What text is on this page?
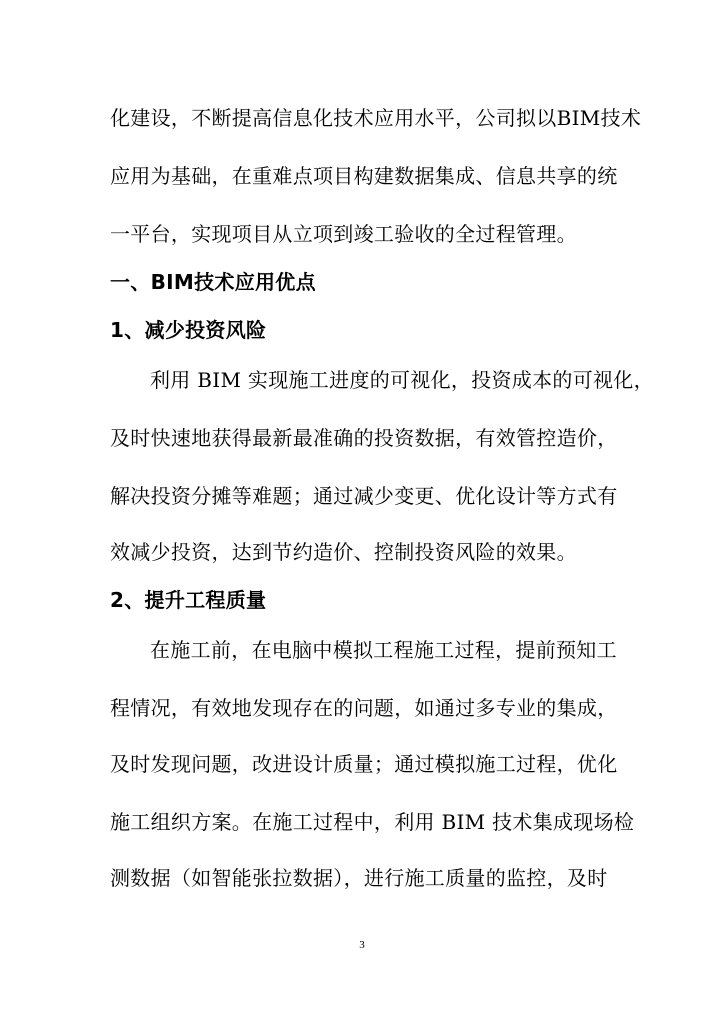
化建设，不断提高信息化技术应用水平，公司拟以BIM技术
应用为基础，在重难点项目构建数据集成、信息共享的统
一平台，实现项目从立项到竣工验收的全过程管理。
一、BIM技术应用优点
1、减少投资风险
利用 BIM 实现施工进度的可视化，投资成本的可视化，
及时快速地获得最新最准确的投资数据，有效管控造价，
解决投资分摊等难题；通过减少变更、优化设计等方式有
效减少投资，达到节约造价、控制投资风险的效果。
2、提升工程质量
在施工前，在电脑中模拟工程施工过程，提前预知工
程情况，有效地发现存在的问题，如通过多专业的集成，
及时发现问题，改进设计质量；通过模拟施工过程，优化
施工组织方案。在施工过程中，利用 BIM 技术集成现场检
测数据（如智能张拉数据），进行施工质量的监控，及时
3
